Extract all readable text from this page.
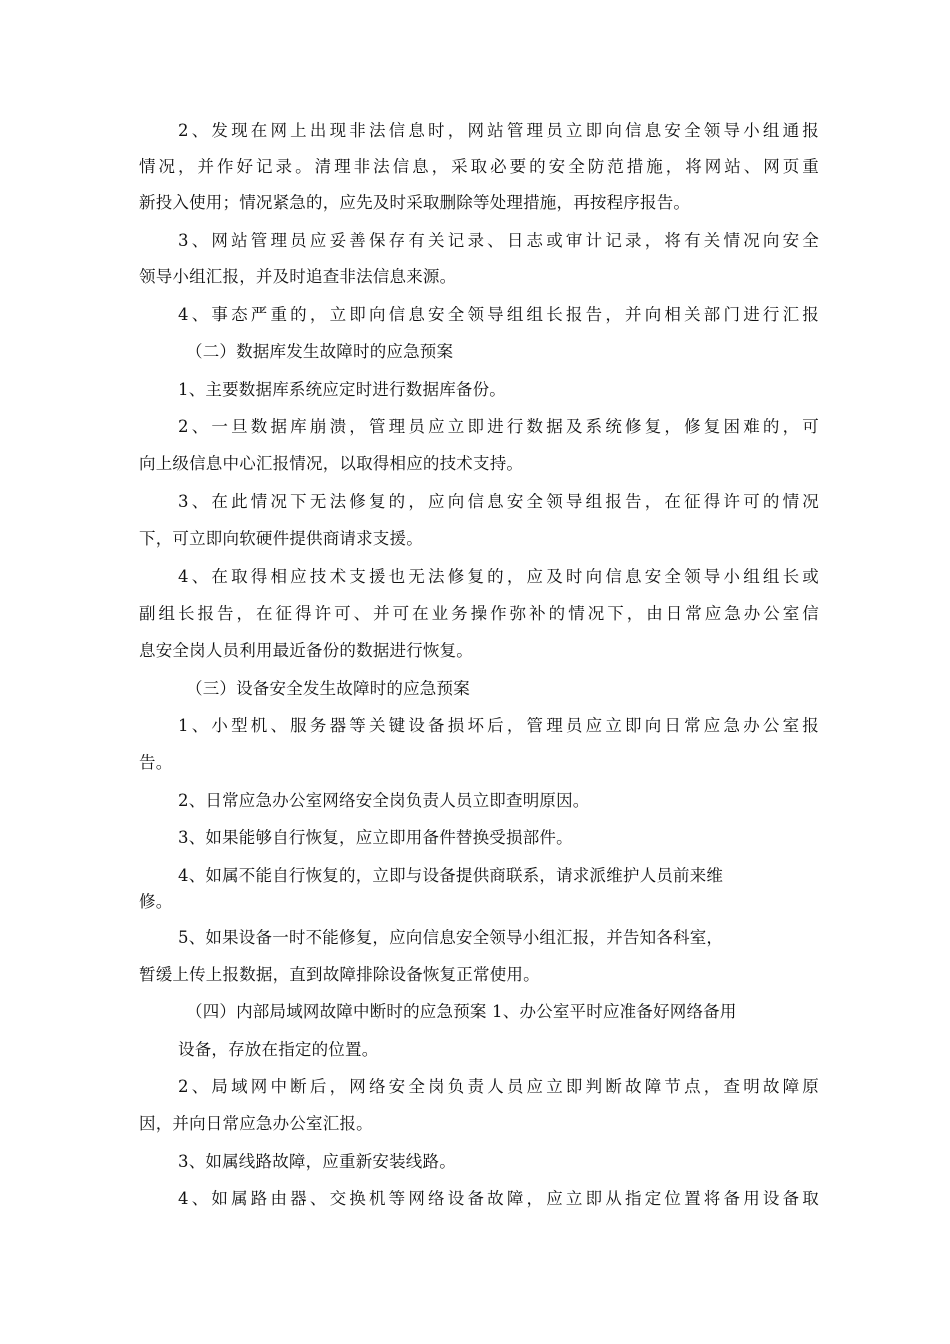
2、发现在网上出现非法信息时，网站管理员立即向信息安全领导小组通报
情况，并作好记录。清理非法信息，采取必要的安全防范措施，将网站、网页重
新投入使用；情况紧急的，应先及时采取删除等处理措施，再按程序报告。
3、网站管理员应妥善保存有关记录、日志或审计记录，将有关情况向安全
领导小组汇报，并及时追查非法信息来源。
4、事态严重的，立即向信息安全领导组组长报告，并向相关部门进行汇报
（二）数据库发生故障时的应急预案
1、主要数据库系统应定时进行数据库备份。
2、一旦数据库崩溃，管理员应立即进行数据及系统修复，修复困难的，可
向上级信息中心汇报情况，以取得相应的技术支持。
3、在此情况下无法修复的，应向信息安全领导组报告，在征得许可的情况
下，可立即向软硬件提供商请求支援。
4、在取得相应技术支援也无法修复的，应及时向信息安全领导小组组长或
副组长报告，在征得许可、并可在业务操作弥补的情况下，由日常应急办公室信
息安全岗人员利用最近备份的数据进行恢复。
（三）设备安全发生故障时的应急预案
1、小型机、服务器等关键设备损坏后，管理员应立即向日常应急办公室报
告。
2、日常应急办公室网络安全岗负责人员立即查明原因。
3、如果能够自行恢复，应立即用备件替换受损部件。
4、如属不能自行恢复的，立即与设备提供商联系，请求派维护人员前来维
修。
5、如果设备一时不能修复，应向信息安全领导小组汇报，并告知各科室，
暂缓上传上报数据，直到故障排除设备恢复正常使用。
（四）内部局域网故障中断时的应急预案 1、办公室平时应准备好网络备用
设备，存放在指定的位置。
2、局域网中断后，网络安全岗负责人员应立即判断故障节点，查明故障原
因，并向日常应急办公室汇报。
3、如属线路故障，应重新安装线路。
4、如属路由器、交换机等网络设备故障，应立即从指定位置将备用设备取
